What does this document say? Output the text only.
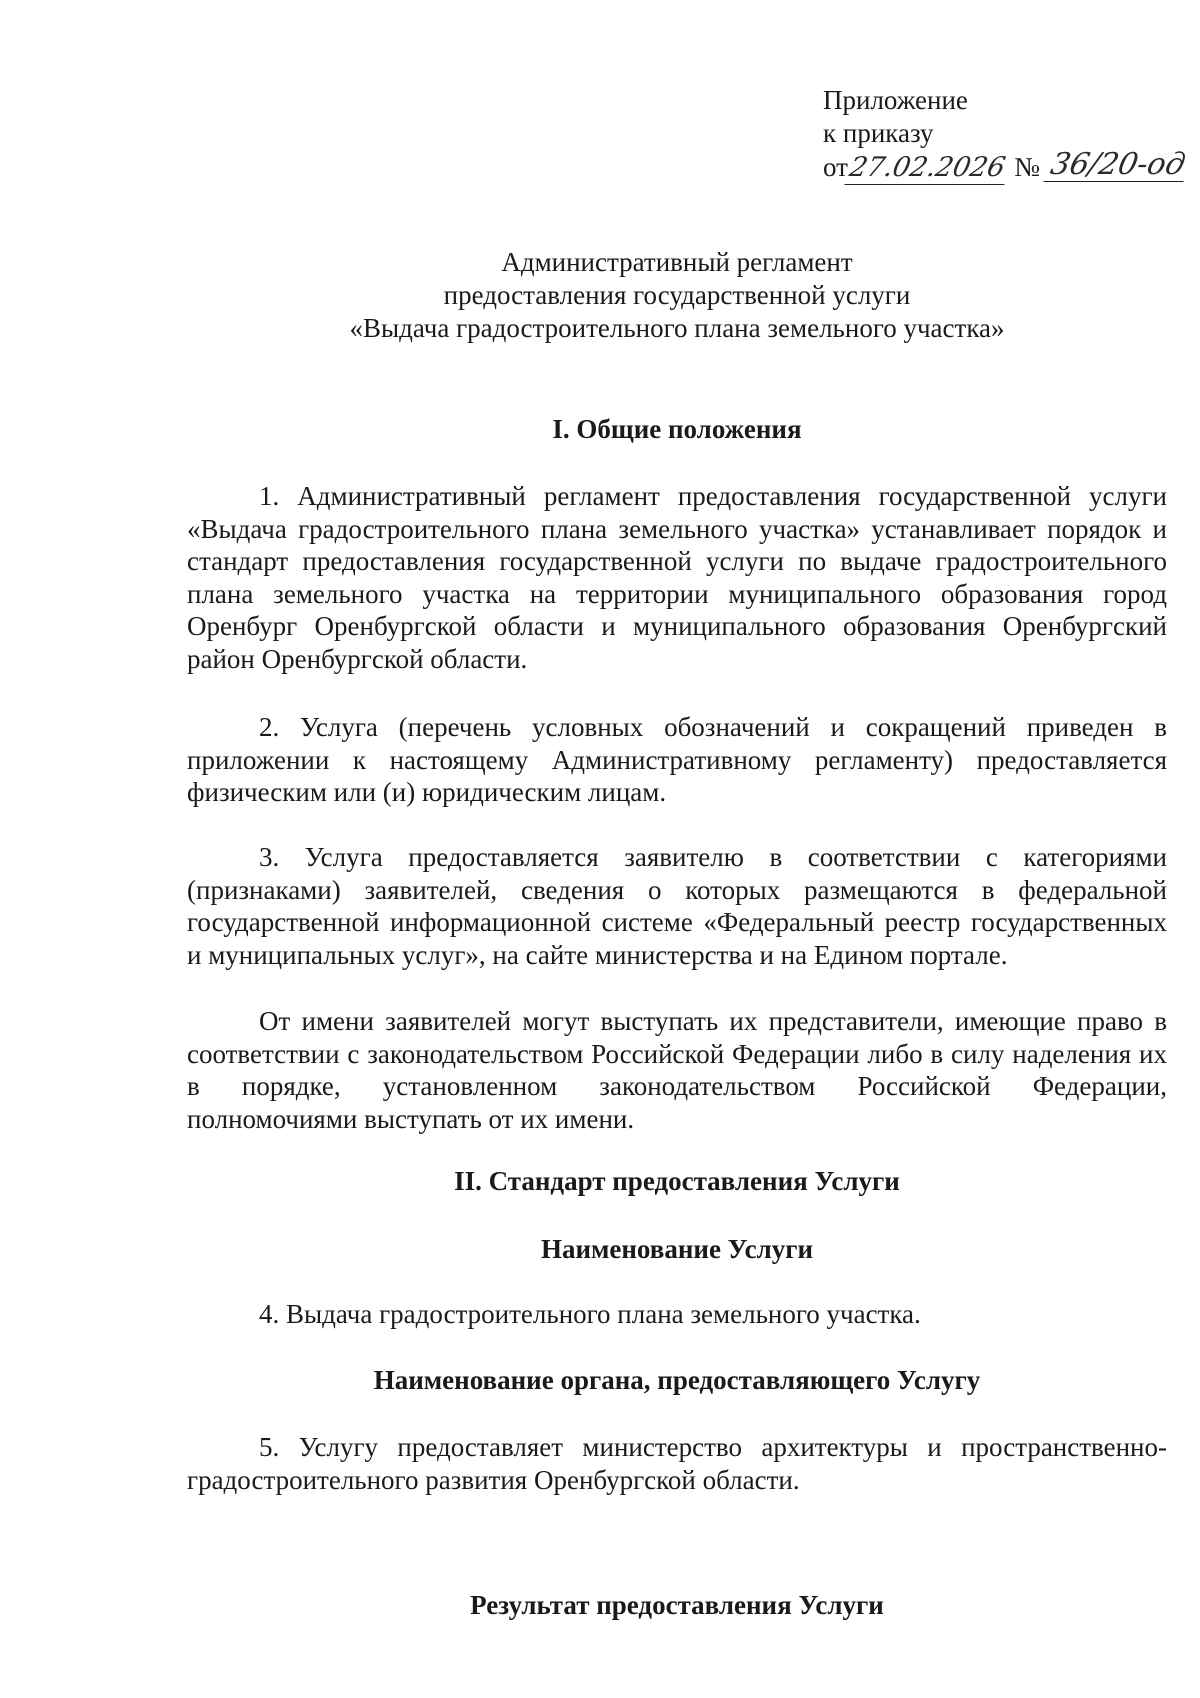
Приложение
к приказу
от27.02.2026 № 36/20-од
Административный регламент
предоставления государственной услуги
«Выдача градостроительного плана земельного участка»
I. Общие положения
1. Административный регламент предоставления государственной услуги «Выдача градостроительного плана земельного участка» устанавливает порядок и стандарт предоставления государственной услуги по выдаче градостроительного плана земельного участка на территории муниципального образования город Оренбург Оренбургской области и муниципального образования Оренбургский район Оренбургской области.
2. Услуга (перечень условных обозначений и сокращений приведен в приложении к настоящему Административному регламенту) предоставляется физическим или (и) юридическим лицам.
3. Услуга предоставляется заявителю в соответствии с категориями (признаками) заявителей, сведения о которых размещаются в федеральной государственной информационной системе «Федеральный реестр государственных и муниципальных услуг», на сайте министерства и на Едином портале.
От имени заявителей могут выступать их представители, имеющие право в соответствии с законодательством Российской Федерации либо в силу наделения их в порядке, установленном законодательством Российской Федерации, полномочиями выступать от их имени.
II. Стандарт предоставления Услуги
Наименование Услуги
4. Выдача градостроительного плана земельного участка.
Наименование органа, предоставляющего Услугу
5. Услугу предоставляет министерство архитектуры и пространственно-градостроительного развития Оренбургской области.
Результат предоставления Услуги
